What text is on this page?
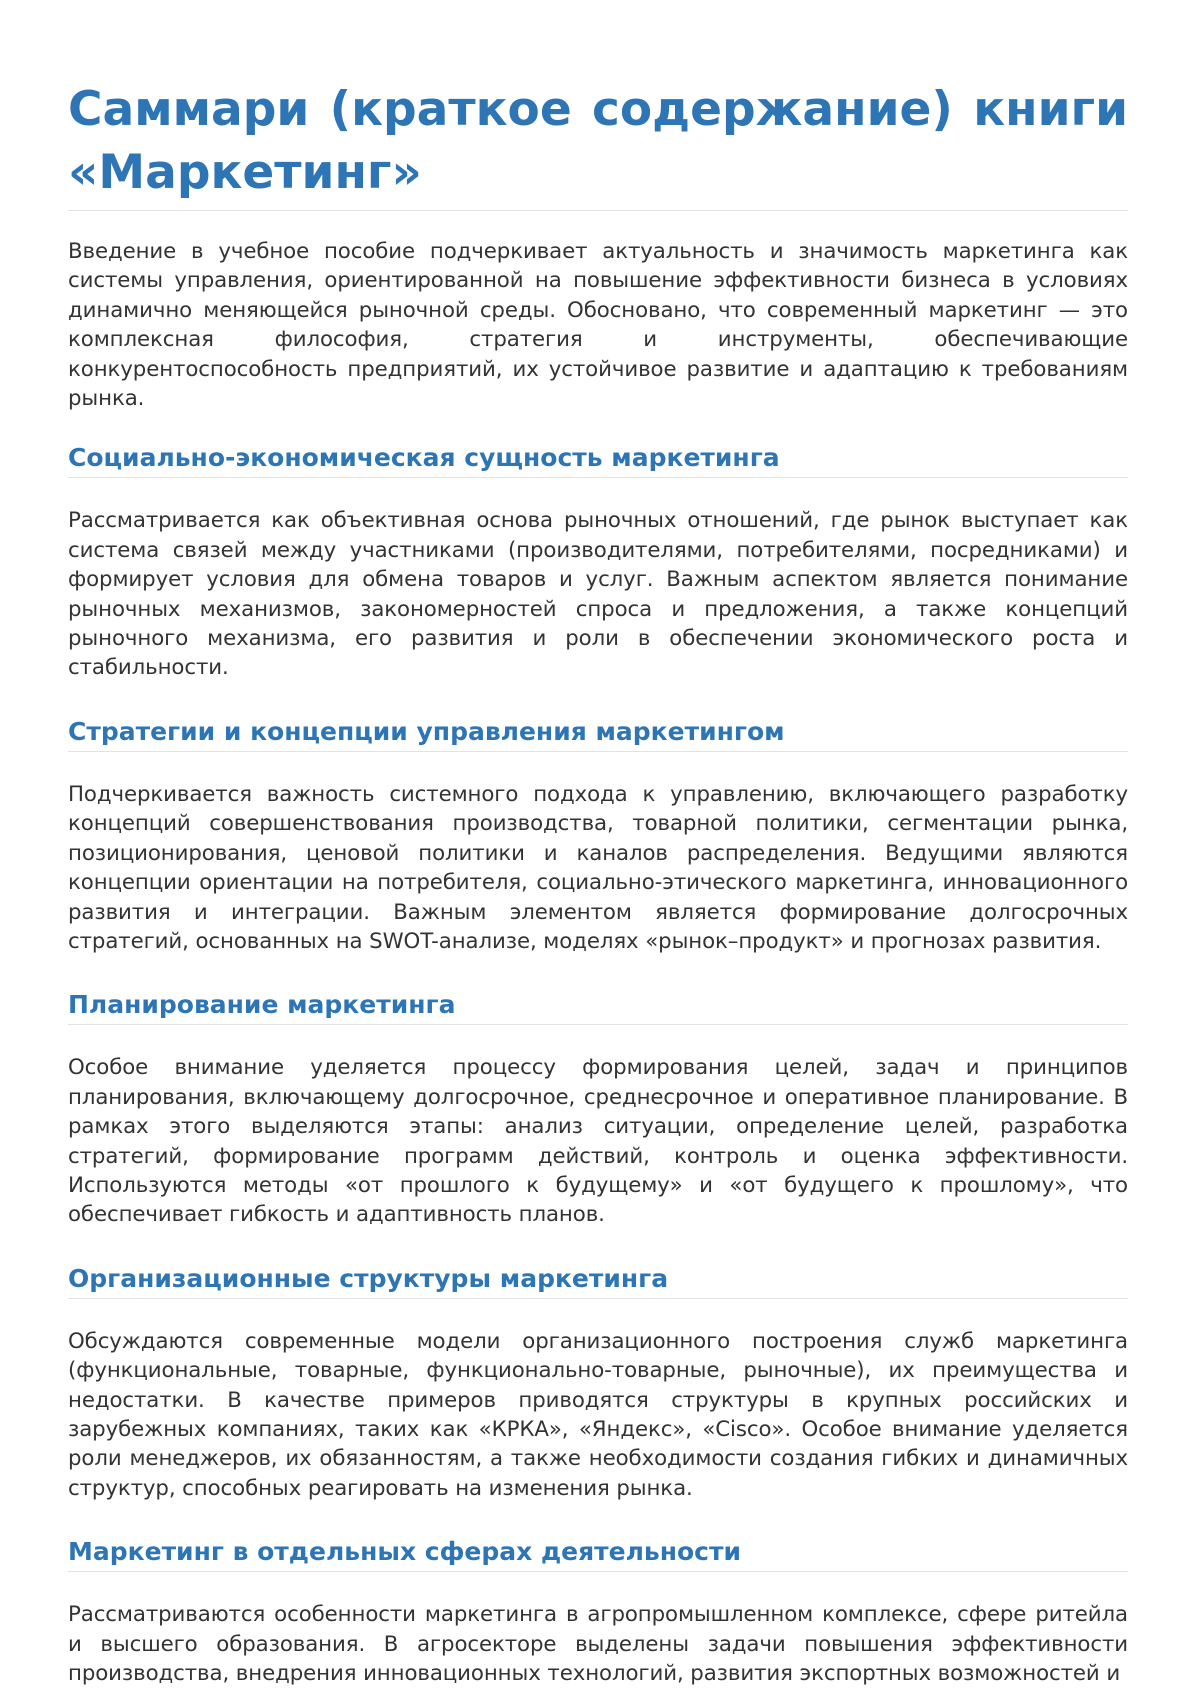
Саммари (краткое содержание) книги «Маркетинг»

Введение в учебное пособие подчеркивает актуальность и значимость маркетинга как системы управления, ориентированной на повышение эффективности бизнеса в условиях динамично меняющейся рыночной среды. Обосновано, что современный маркетинг — это комплексная философия, стратегия и инструменты, обеспечивающие конкурентоспособность предприятий, их устойчивое развитие и адаптацию к требованиям рынка.

Социально-экономическая сущность маркетинга

Рассматривается как объективная основа рыночных отношений, где рынок выступает как система связей между участниками (производителями, потребителями, посредниками) и формирует условия для обмена товаров и услуг. Важным аспектом является понимание рыночных механизмов, закономерностей спроса и предложения, а также концепций рыночного механизма, его развития и роли в обеспечении экономического роста и стабильности.

Стратегии и концепции управления маркетингом

Подчеркивается важность системного подхода к управлению, включающего разработку концепций совершенствования производства, товарной политики, сегментации рынка, позиционирования, ценовой политики и каналов распределения. Ведущими являются концепции ориентации на потребителя, социально-этического маркетинга, инновационного развития и интеграции. Важным элементом является формирование долгосрочных стратегий, основанных на SWOT-анализе, моделях «рынок–продукт» и прогнозах развития.

Планирование маркетинга

Особое внимание уделяется процессу формирования целей, задач и принципов планирования, включающему долгосрочное, среднесрочное и оперативное планирование. В рамках этого выделяются этапы: анализ ситуации, определение целей, разработка стратегий, формирование программ действий, контроль и оценка эффективности. Используются методы «от прошлого к будущему» и «от будущего к прошлому», что обеспечивает гибкость и адаптивность планов.

Организационные структуры маркетинга

Обсуждаются современные модели организационного построения служб маркетинга (функциональные, товарные, функционально-товарные, рыночные), их преимущества и недостатки. В качестве примеров приводятся структуры в крупных российских и зарубежных компаниях, таких как «КРКА», «Яндекс», «Cisco». Особое внимание уделяется роли менеджеров, их обязанностям, а также необходимости создания гибких и динамичных структур, способных реагировать на изменения рынка.

Маркетинг в отдельных сферах деятельности

Рассматриваются особенности маркетинга в агропромышленном комплексе, сфере ритейла и высшего образования. В агросекторе выделены задачи повышения эффективности производства, внедрения инновационных технологий, развития экспортных возможностей и
